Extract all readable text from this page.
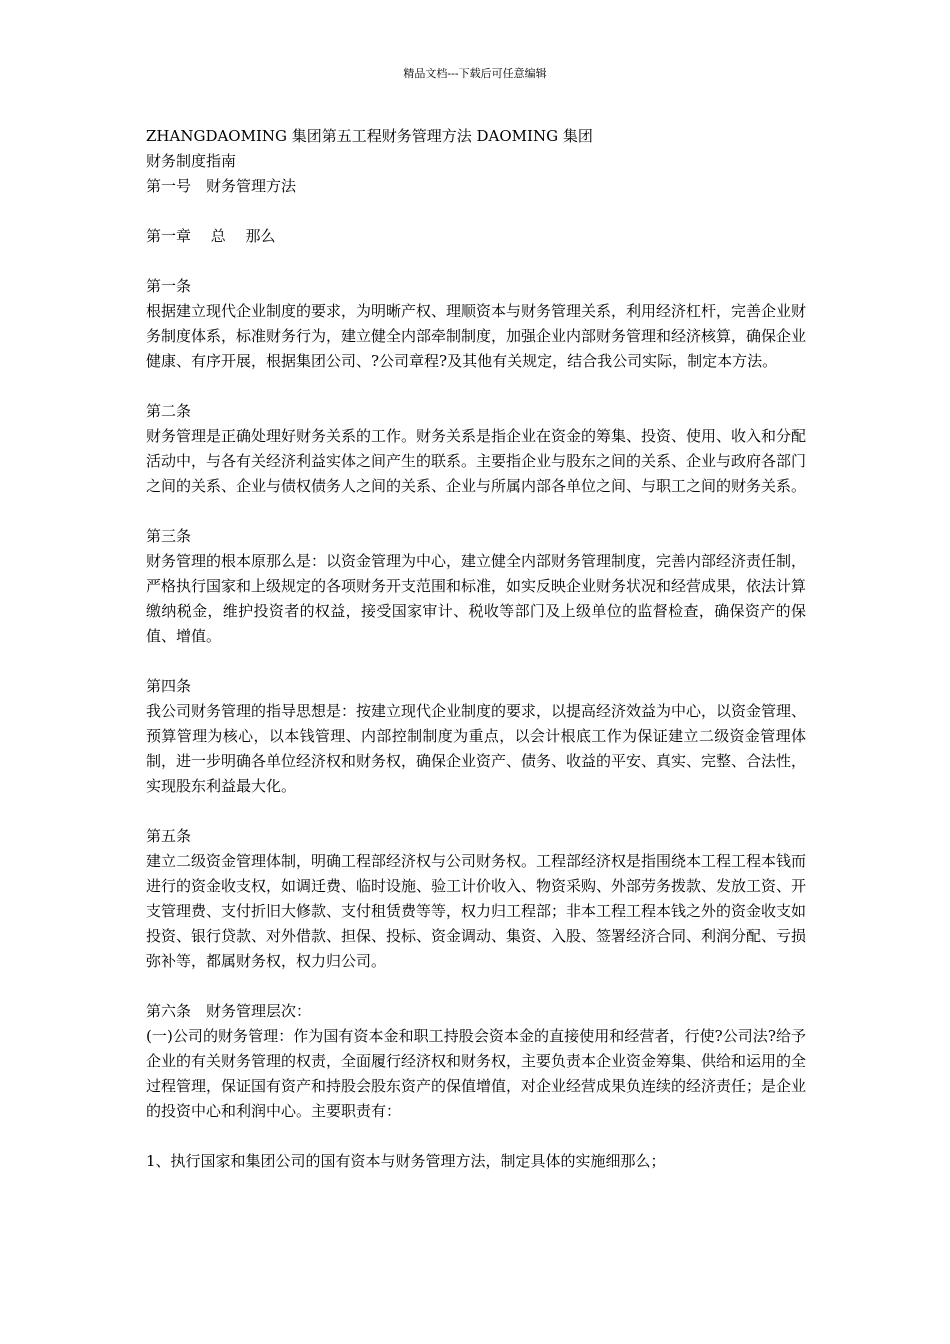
精品文档---下载后可任意编辑
ZHANGDAOMING 集团第五工程财务管理方法 DAOMING 集团
财务制度指南
第一号　财务管理方法
第一章　 总　 那么
第一条
根据建立现代企业制度的要求，为明晰产权、理顺资本与财务管理关系，利用经济杠杆，完善企业财务制度体系，标准财务行为，建立健全内部牵制制度，加强企业内部财务管理和经济核算，确保企业健康、有序开展，根据集团公司、?公司章程?及其他有关规定，结合我公司实际，制定本方法。
第二条
财务管理是正确处理好财务关系的工作。财务关系是指企业在资金的筹集、投资、使用、收入和分配活动中，与各有关经济利益实体之间产生的联系。主要指企业与股东之间的关系、企业与政府各部门之间的关系、企业与债权债务人之间的关系、企业与所属内部各单位之间、与职工之间的财务关系。
第三条
财务管理的根本原那么是：以资金管理为中心，建立健全内部财务管理制度，完善内部经济责任制，严格执行国家和上级规定的各项财务开支范围和标准，如实反映企业财务状况和经营成果，依法计算缴纳税金，维护投资者的权益，接受国家审计、税收等部门及上级单位的监督检查，确保资产的保值、增值。
第四条
我公司财务管理的指导思想是：按建立现代企业制度的要求，以提高经济效益为中心，以资金管理、预算管理为核心，以本钱管理、内部控制制度为重点，以会计根底工作为保证建立二级资金管理体制，进一步明确各单位经济权和财务权，确保企业资产、债务、收益的平安、真实、完整、合法性，实现股东利益最大化。
第五条
建立二级资金管理体制，明确工程部经济权与公司财务权。工程部经济权是指围绕本工程工程本钱而进行的资金收支权，如调迁费、临时设施、验工计价收入、物资采购、外部劳务拨款、发放工资、开支管理费、支付折旧大修款、支付租赁费等等，权力归工程部；非本工程工程本钱之外的资金收支如投资、银行贷款、对外借款、担保、投标、资金调动、集资、入股、签署经济合同、利润分配、亏损弥补等，都属财务权，权力归公司。
第六条　财务管理层次：
(一)公司的财务管理：作为国有资本金和职工持股会资本金的直接使用和经营者，行使?公司法?给予企业的有关财务管理的权责，全面履行经济权和财务权，主要负责本企业资金筹集、供给和运用的全过程管理，保证国有资产和持股会股东资产的保值增值，对企业经营成果负连续的经济责任；是企业的投资中心和利润中心。主要职责有：
1、执行国家和集团公司的国有资本与财务管理方法，制定具体的实施细那么；
